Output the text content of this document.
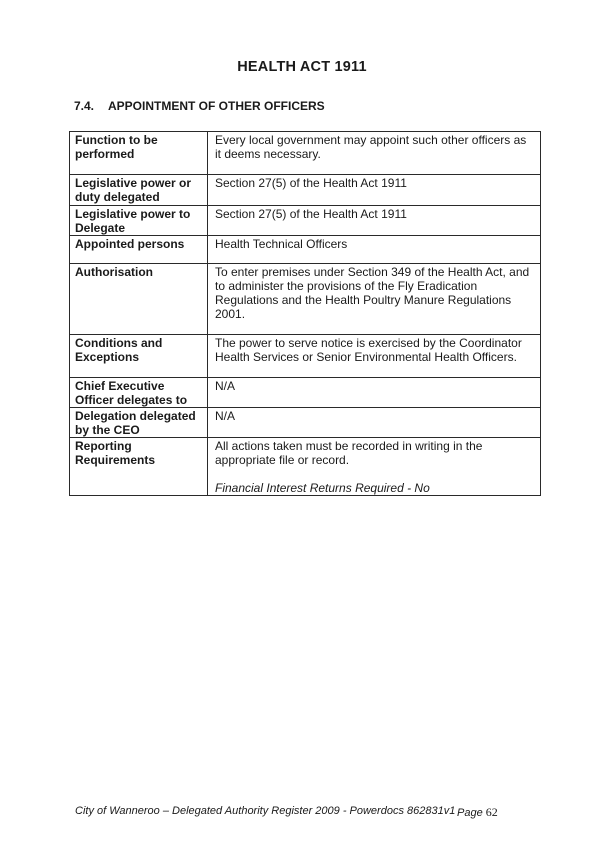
HEALTH ACT 1911
7.4. APPOINTMENT OF OTHER OFFICERS
Function to be performed	Every local government may appoint such other officers as it deems necessary.
Legislative power or duty delegated	Section 27(5) of the Health Act 1911
Legislative power to Delegate	Section 27(5) of the Health Act 1911
Appointed persons	Health Technical Officers
Authorisation	To enter premises under Section 349 of the Health Act, and to administer the provisions of the Fly Eradication Regulations and the Health Poultry Manure Regulations 2001.
Conditions and Exceptions	The power to serve notice is exercised by the Coordinator Health Services or Senior Environmental Health Officers.
Chief Executive Officer delegates to	N/A
Delegation delegated by the CEO	N/A
Reporting Requirements	All actions taken must be recorded in writing in the appropriate file or record.
Financial Interest Returns Required - No
City of Wanneroo – Delegated Authority Register 2009 - Powerdocs 862831v1 Page 62
